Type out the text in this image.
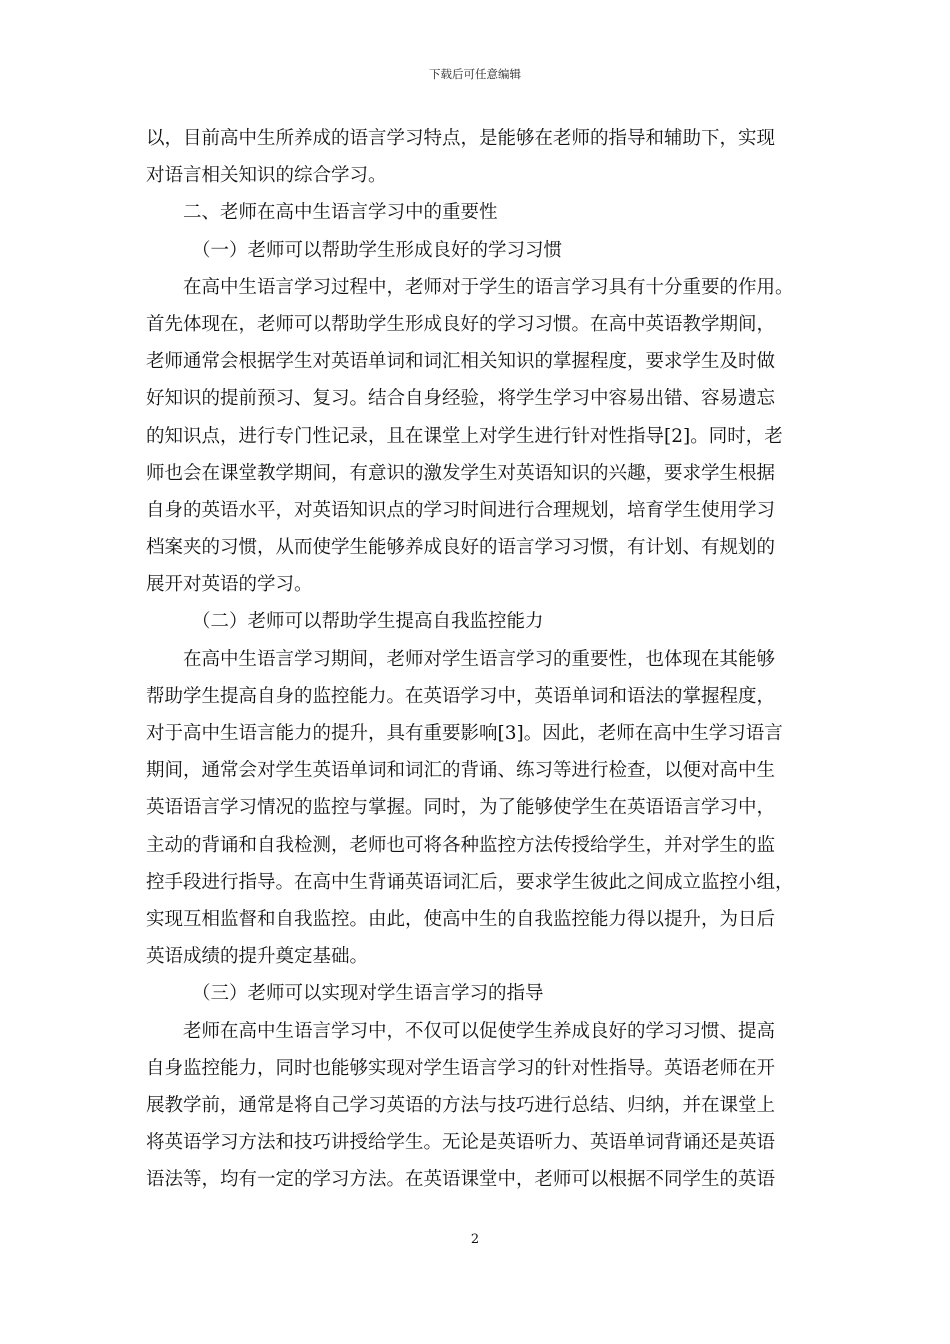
下载后可任意编辑
以，目前高中生所养成的语言学习特点，是能够在老师的指导和辅助下，实现
对语言相关知识的综合学习。
二、老师在高中生语言学习中的重要性
（一）老师可以帮助学生形成良好的学习习惯
在高中生语言学习过程中，老师对于学生的语言学习具有十分重要的作用。
首先体现在，老师可以帮助学生形成良好的学习习惯。在高中英语教学期间，
老师通常会根据学生对英语单词和词汇相关知识的掌握程度，要求学生及时做
好知识的提前预习、复习。结合自身经验，将学生学习中容易出错、容易遗忘
的知识点，进行专门性记录，且在课堂上对学生进行针对性指导[2]。同时，老
师也会在课堂教学期间，有意识的激发学生对英语知识的兴趣，要求学生根据
自身的英语水平，对英语知识点的学习时间进行合理规划，培育学生使用学习
档案夹的习惯，从而使学生能够养成良好的语言学习习惯，有计划、有规划的
展开对英语的学习。
（二）老师可以帮助学生提高自我监控能力
在高中生语言学习期间，老师对学生语言学习的重要性，也体现在其能够
帮助学生提高自身的监控能力。在英语学习中，英语单词和语法的掌握程度，
对于高中生语言能力的提升，具有重要影响[3]。因此，老师在高中生学习语言
期间，通常会对学生英语单词和词汇的背诵、练习等进行检查，以便对高中生
英语语言学习情况的监控与掌握。同时，为了能够使学生在英语语言学习中，
主动的背诵和自我检测，老师也可将各种监控方法传授给学生，并对学生的监
控手段进行指导。在高中生背诵英语词汇后，要求学生彼此之间成立监控小组，
实现互相监督和自我监控。由此，使高中生的自我监控能力得以提升，为日后
英语成绩的提升奠定基础。
（三）老师可以实现对学生语言学习的指导
老师在高中生语言学习中，不仅可以促使学生养成良好的学习习惯、提高
自身监控能力，同时也能够实现对学生语言学习的针对性指导。英语老师在开
展教学前，通常是将自己学习英语的方法与技巧进行总结、归纳，并在课堂上
将英语学习方法和技巧讲授给学生。无论是英语听力、英语单词背诵还是英语
语法等，均有一定的学习方法。在英语课堂中，老师可以根据不同学生的英语
2
